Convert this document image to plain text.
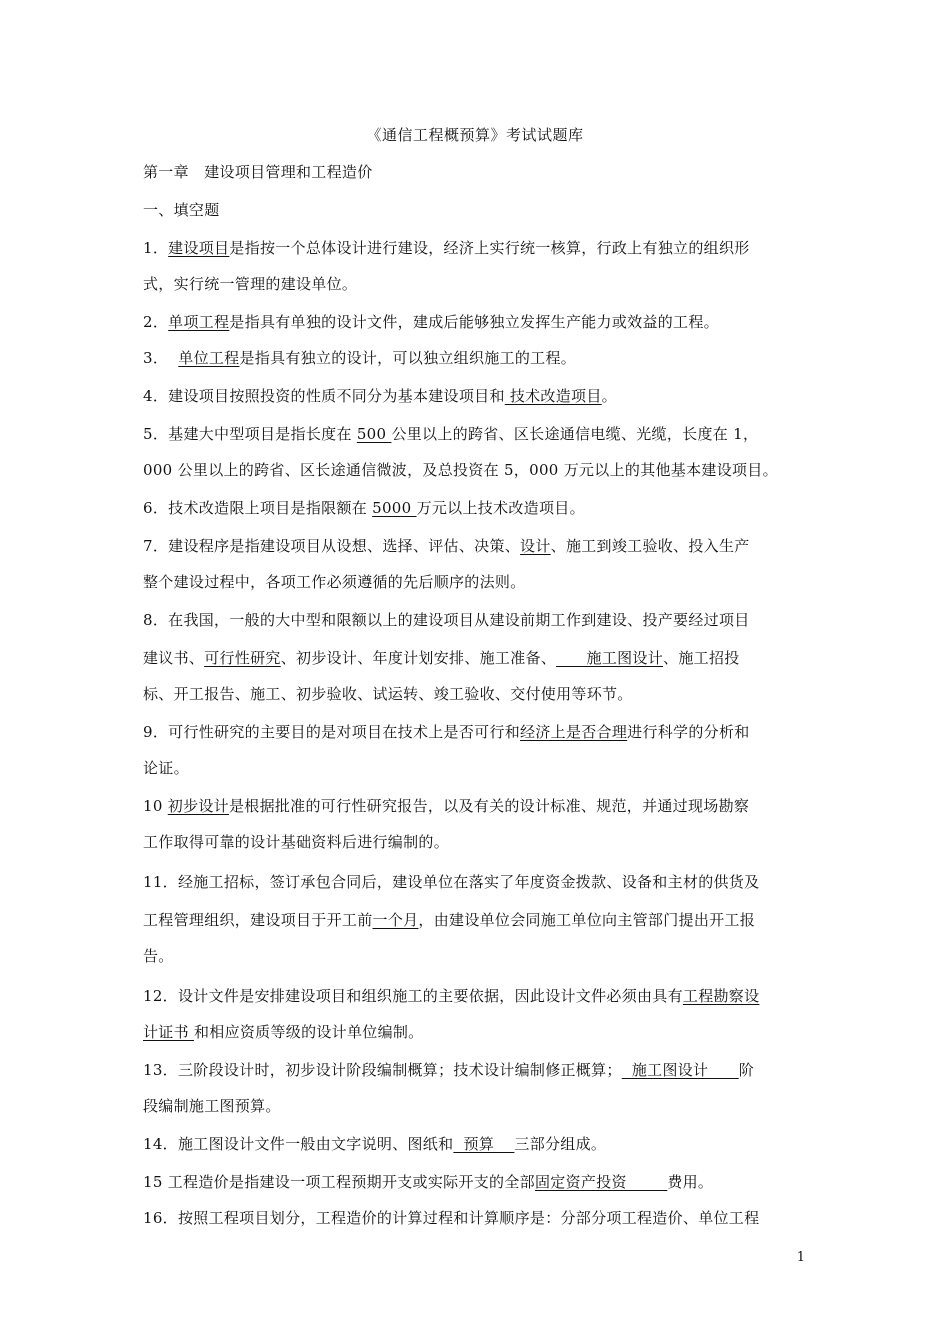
《通信工程概预算》考试试题库
第一章　建设项目管理和工程造价
一、填空题
1．建设项目是指按一个总体设计进行建设，经济上实行统一核算，行政上有独立的组织形
式，实行统一管理的建设单位。
2．单项工程是指具有单独的设计文件，建成后能够独立发挥生产能力或效益的工程。
3．  单位工程是指具有独立的设计，可以独立组织施工的工程。
4．建设项目按照投资的性质不同分为基本建设项目和 技术改造项目。
5．基建大中型项目是指长度在 500 公里以上的跨省、区长途通信电缆、光缆，长度在 1，
000 公里以上的跨省、区长途通信微波，及总投资在 5，000 万元以上的其他基本建设项目。
6．技术改造限上项目是指限额在 5000 万元以上技术改造项目。
7．建设程序是指建设项目从设想、选择、评估、决策、设计、施工到竣工验收、投入生产
整个建设过程中，各项工作必须遵循的先后顺序的法则。
8．在我国，一般的大中型和限额以上的建设项目从建设前期工作到建设、投产要经过项目
建议书、可行性研究、初步设计、年度计划安排、施工准备、      施工图设计、施工招投
标、开工报告、施工、初步验收、试运转、竣工验收、交付使用等环节。
9．可行性研究的主要目的是对项目在技术上是否可行和经济上是否合理进行科学的分析和
论证。
10 初步设计是根据批准的可行性研究报告，以及有关的设计标准、规范，并通过现场勘察
工作取得可靠的设计基础资料后进行编制的。
11．经施工招标，签订承包合同后，建设单位在落实了年度资金拨款、设备和主材的供货及
工程管理组织，建设项目于开工前一个月，由建设单位会同施工单位向主管部门提出开工报
告。
12．设计文件是安排建设项目和组织施工的主要依据，因此设计文件必须由具有工程勘察设
计证书 和相应资质等级的设计单位编制。
13．三阶段设计时，初步设计阶段编制概算；技术设计编制修正概算；  施工图设计      阶
段编制施工图预算。
14．施工图设计文件一般由文字说明、图纸和  预算    三部分组成。
15 工程造价是指建设一项工程预期开支或实际开支的全部固定资产投资        费用。
16．按照工程项目划分，工程造价的计算过程和计算顺序是：分部分项工程造价、单位工程
1
